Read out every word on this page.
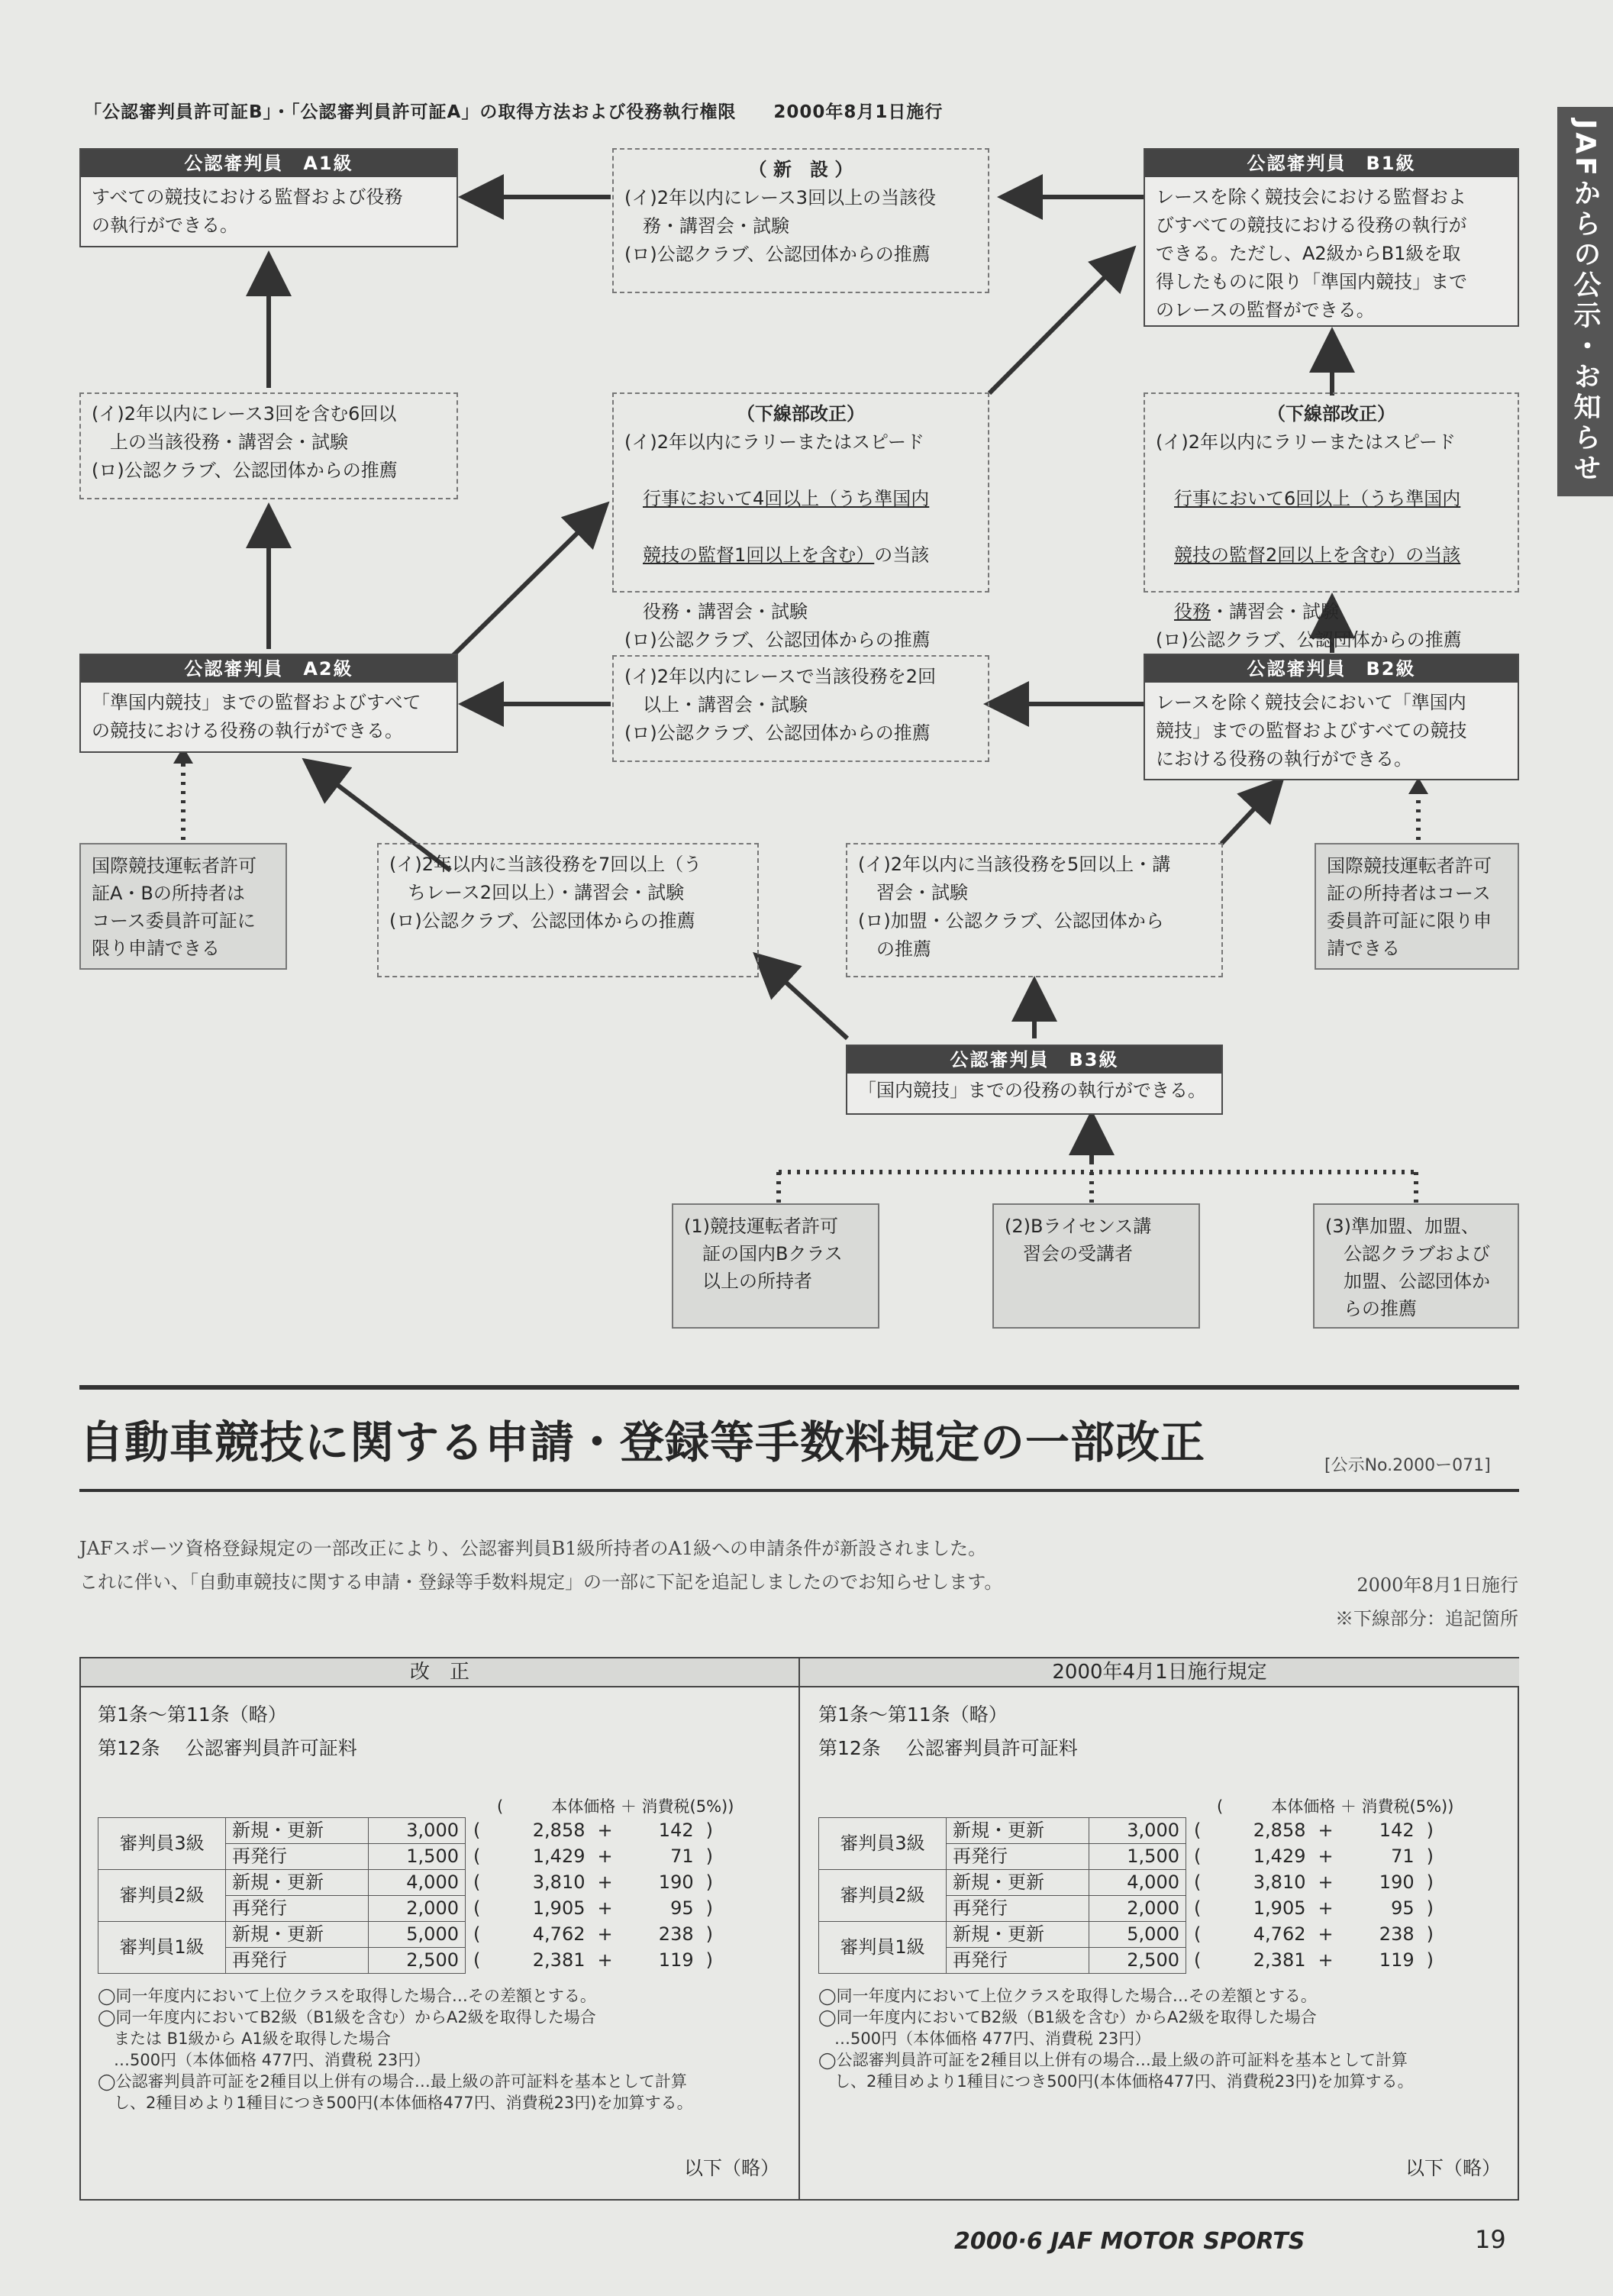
「公認審判員許可証B」・「公認審判員許可証A」の取得方法および役務執行権限 2000年8月1日施行
JAFからの公示・お知らせ
公認審判員　A1級
すべての競技における監督および役務
の執行ができる。
公認審判員　B1級
レースを除く競技会における監督およ
びすべての競技における役務の執行が
できる。ただし、A2級からB1級を取
得したものに限り「準国内競技」まで
のレースの監督ができる。
公認審判員　A2級
「準国内競技」までの監督およびすべて
の競技における役務の執行ができる。
公認審判員　B2級
レースを除く競技会において「準国内
競技」までの監督およびすべての競技
における役務の執行ができる。
公認審判員　B3級
「国内競技」までの役務の執行ができる。
（ 新　設 ）

(イ)2年以内にレース3回以上の当該役
　務・講習会・試験

(ロ)公認クラブ、公認団体からの推薦

(イ)2年以内にレース3回を含む6回以
　上の当該役務・講習会・試験

(ロ)公認クラブ、公認団体からの推薦

（下線部改正）

(イ)2年以内にラリーまたはスピード

　行事において4回以上（うち準国内

　競技の監督1回以上を含む）の当該

　役務・講習会・試験

(ロ)公認クラブ、公認団体からの推薦

（下線部改正）

(イ)2年以内にラリーまたはスピード

　行事において6回以上（うち準国内

　競技の監督2回以上を含む）の当該

　役務・講習会・試験

(ロ)公認クラブ、公認団体からの推薦

(イ)2年以内にレースで当該役務を2回
　以上・講習会・試験

(ロ)公認クラブ、公認団体からの推薦

(イ)2年以内に当該役務を7回以上（う
　ちレース2回以上）・講習会・試験

(ロ)公認クラブ、公認団体からの推薦

(イ)2年以内に当該役務を5回以上・講
　習会・試験

(ロ)加盟・公認クラブ、公認団体から
　の推薦

国際競技運転者許可
証A・Bの所持者は
コース委員許可証に
限り申請できる
国際競技運転者許可
証の所持者はコース
委員許可証に限り申
請できる
(1)競技運転者許可
　証の国内Bクラス
　以上の所持者
(2)Bライセンス講
　習会の受講者
(3)準加盟、加盟、
　公認クラブおよび
　加盟、公認団体か
　らの推薦
自動車競技に関する申請・登録等手数料規定の一部改正	[公示No.2000ー071]
JAFスポーツ資格登録規定の一部改正により、公認審判員B1級所持者のA1級への申請条件が新設されました。
これに伴い、「自動車競技に関する申請・登録等手数料規定」の一部に下記を追記しましたのでお知らせします。	2000年8月1日施行
※下線部分：追記箇所
改　正	2000年4月1日施行規定
第1条〜第11条（略）
第12条　 公認審判員許可証料
(　　　本体価格 ＋ 消費税(5%))
審判員3級	新規・更新	3,000	(	2,858	+	142	)
	再発行	1,500	(	1,429	+	71	)
審判員2級	新規・更新	4,000	(	3,810	+	190	)
	再発行	2,000	(	1,905	+	95	)
審判員1級	新規・更新	5,000	(	4,762	+	238	)
	再発行	2,500	(	2,381	+	119	)
◯同一年度内において上位クラスを取得した場合…その差額とする。
◯同一年度内においてB2級（B1級を含む）からA2級を取得した場合
　または B1級から A1級を取得した場合
　…500円（本体価格 477円、消費税 23円）
◯公認審判員許可証を2種目以上併有の場合…最上級の許可証料を基本として計算
　し、2種目めより1種目につき500円(本体価格477円、消費税23円)を加算する。
以下（略）
第1条〜第11条（略）
第12条　 公認審判員許可証料
(　　　本体価格 ＋ 消費税(5%))
審判員3級	新規・更新	3,000	(	2,858	+	142	)
	再発行	1,500	(	1,429	+	71	)
審判員2級	新規・更新	4,000	(	3,810	+	190	)
	再発行	2,000	(	1,905	+	95	)
審判員1級	新規・更新	5,000	(	4,762	+	238	)
	再発行	2,500	(	2,381	+	119	)
◯同一年度内において上位クラスを取得した場合…その差額とする。
◯同一年度内においてB2級（B1級を含む）からA2級を取得した場合
　…500円（本体価格 477円、消費税 23円）
◯公認審判員許可証を2種目以上併有の場合…最上級の許可証料を基本として計算
　し、2種目めより1種目につき500円(本体価格477円、消費税23円)を加算する。
以下（略）
2000·6 JAF MOTOR SPORTS	19
